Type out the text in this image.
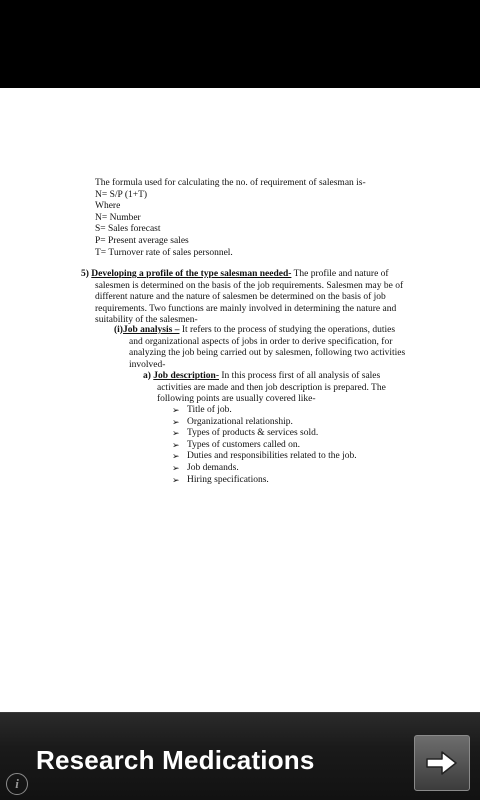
The formula used for calculating the no. of requirement of salesman is-
N= S/P (1+T)
Where
N= Number
S= Sales forecast
P= Present average sales
T= Turnover rate of sales personnel.
5) Developing a profile of the type salesman needed- The profile and nature of
salesmen is determined on the basis of the job requirements. Salesmen may be of
different nature and the nature of salesmen be determined on the basis of job
requirements. Two functions are mainly involved in determining the nature and
suitability of the salesmen-
(i)Job analysis – It refers to the process of studying the operations, duties
and organizational aspects of jobs in order to derive specification, for
analyzing the job being carried out by salesmen, following two activities
involved-
a) Job description- In this process first of all analysis of sales
activities are made and then job description is prepared. The
following points are usually covered like-
➢ Title of job.
➢ Organizational relationship.
➢ Types of products & services sold.
➢ Types of customers called on.
➢ Duties and responsibilities related to the job.
➢ Job demands.
➢ Hiring specifications.
Research Medications
i
